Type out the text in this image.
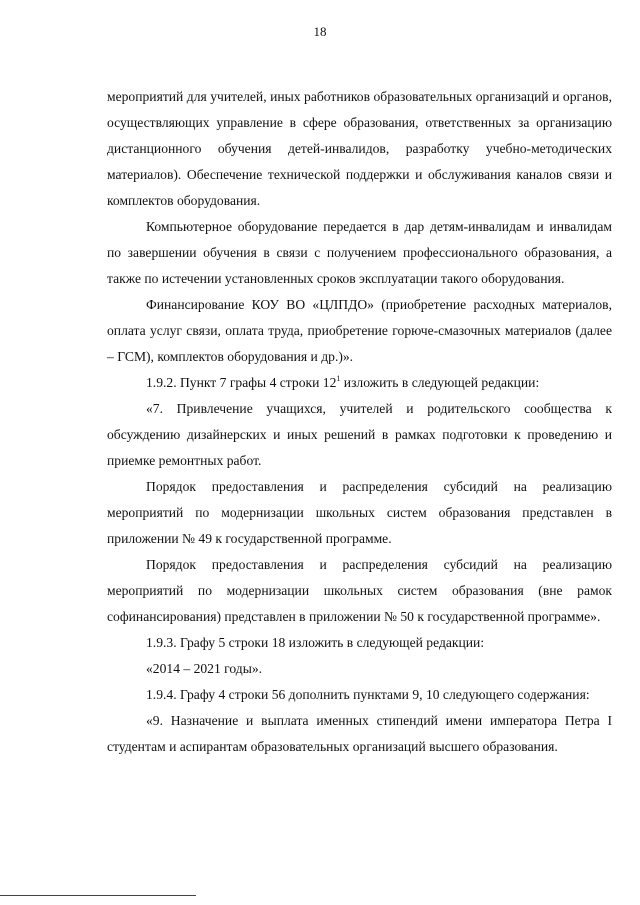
18

мероприятий для учителей, иных работников образовательных организаций и органов, осуществляющих управление в сфере образования, ответственных за организацию дистанционного обучения детей-инвалидов, разработку учебно-методических материалов). Обеспечение технической поддержки и обслуживания каналов связи и комплектов оборудования.

Компьютерное оборудование передается в дар детям-инвалидам и инвалидам по завершении обучения в связи с получением профессионального образования, а также по истечении установленных сроков эксплуатации такого оборудования.

Финансирование КОУ ВО «ЦЛПДО» (приобретение расходных материалов, оплата услуг связи, оплата труда, приобретение горюче-смазочных материалов (далее – ГСМ), комплектов оборудования и др.)».

1.9.2. Пункт 7 графы 4 строки $12^1$ изложить в следующей редакции:

«7. Привлечение учащихся, учителей и родительского сообщества к обсуждению дизайнерских и иных решений в рамках подготовки к проведению и приемке ремонтных работ.

Порядок предоставления и распределения субсидий на реализацию мероприятий по модернизации школьных систем образования представлен в приложении № 49 к государственной программе.

Порядок предоставления и распределения субсидий на реализацию мероприятий по модернизации школьных систем образования (вне рамок софинансирования) представлен в приложении № 50 к государственной программе».

1.9.3. Графу 5 строки 18 изложить в следующей редакции:

«2014 – 2021 годы».

1.9.4. Графу 4 строки 56 дополнить пунктами 9, 10 следующего содержания:

«9. Назначение и выплата именных стипендий имени императора Петра I студентам и аспирантам образовательных организаций высшего образования.
